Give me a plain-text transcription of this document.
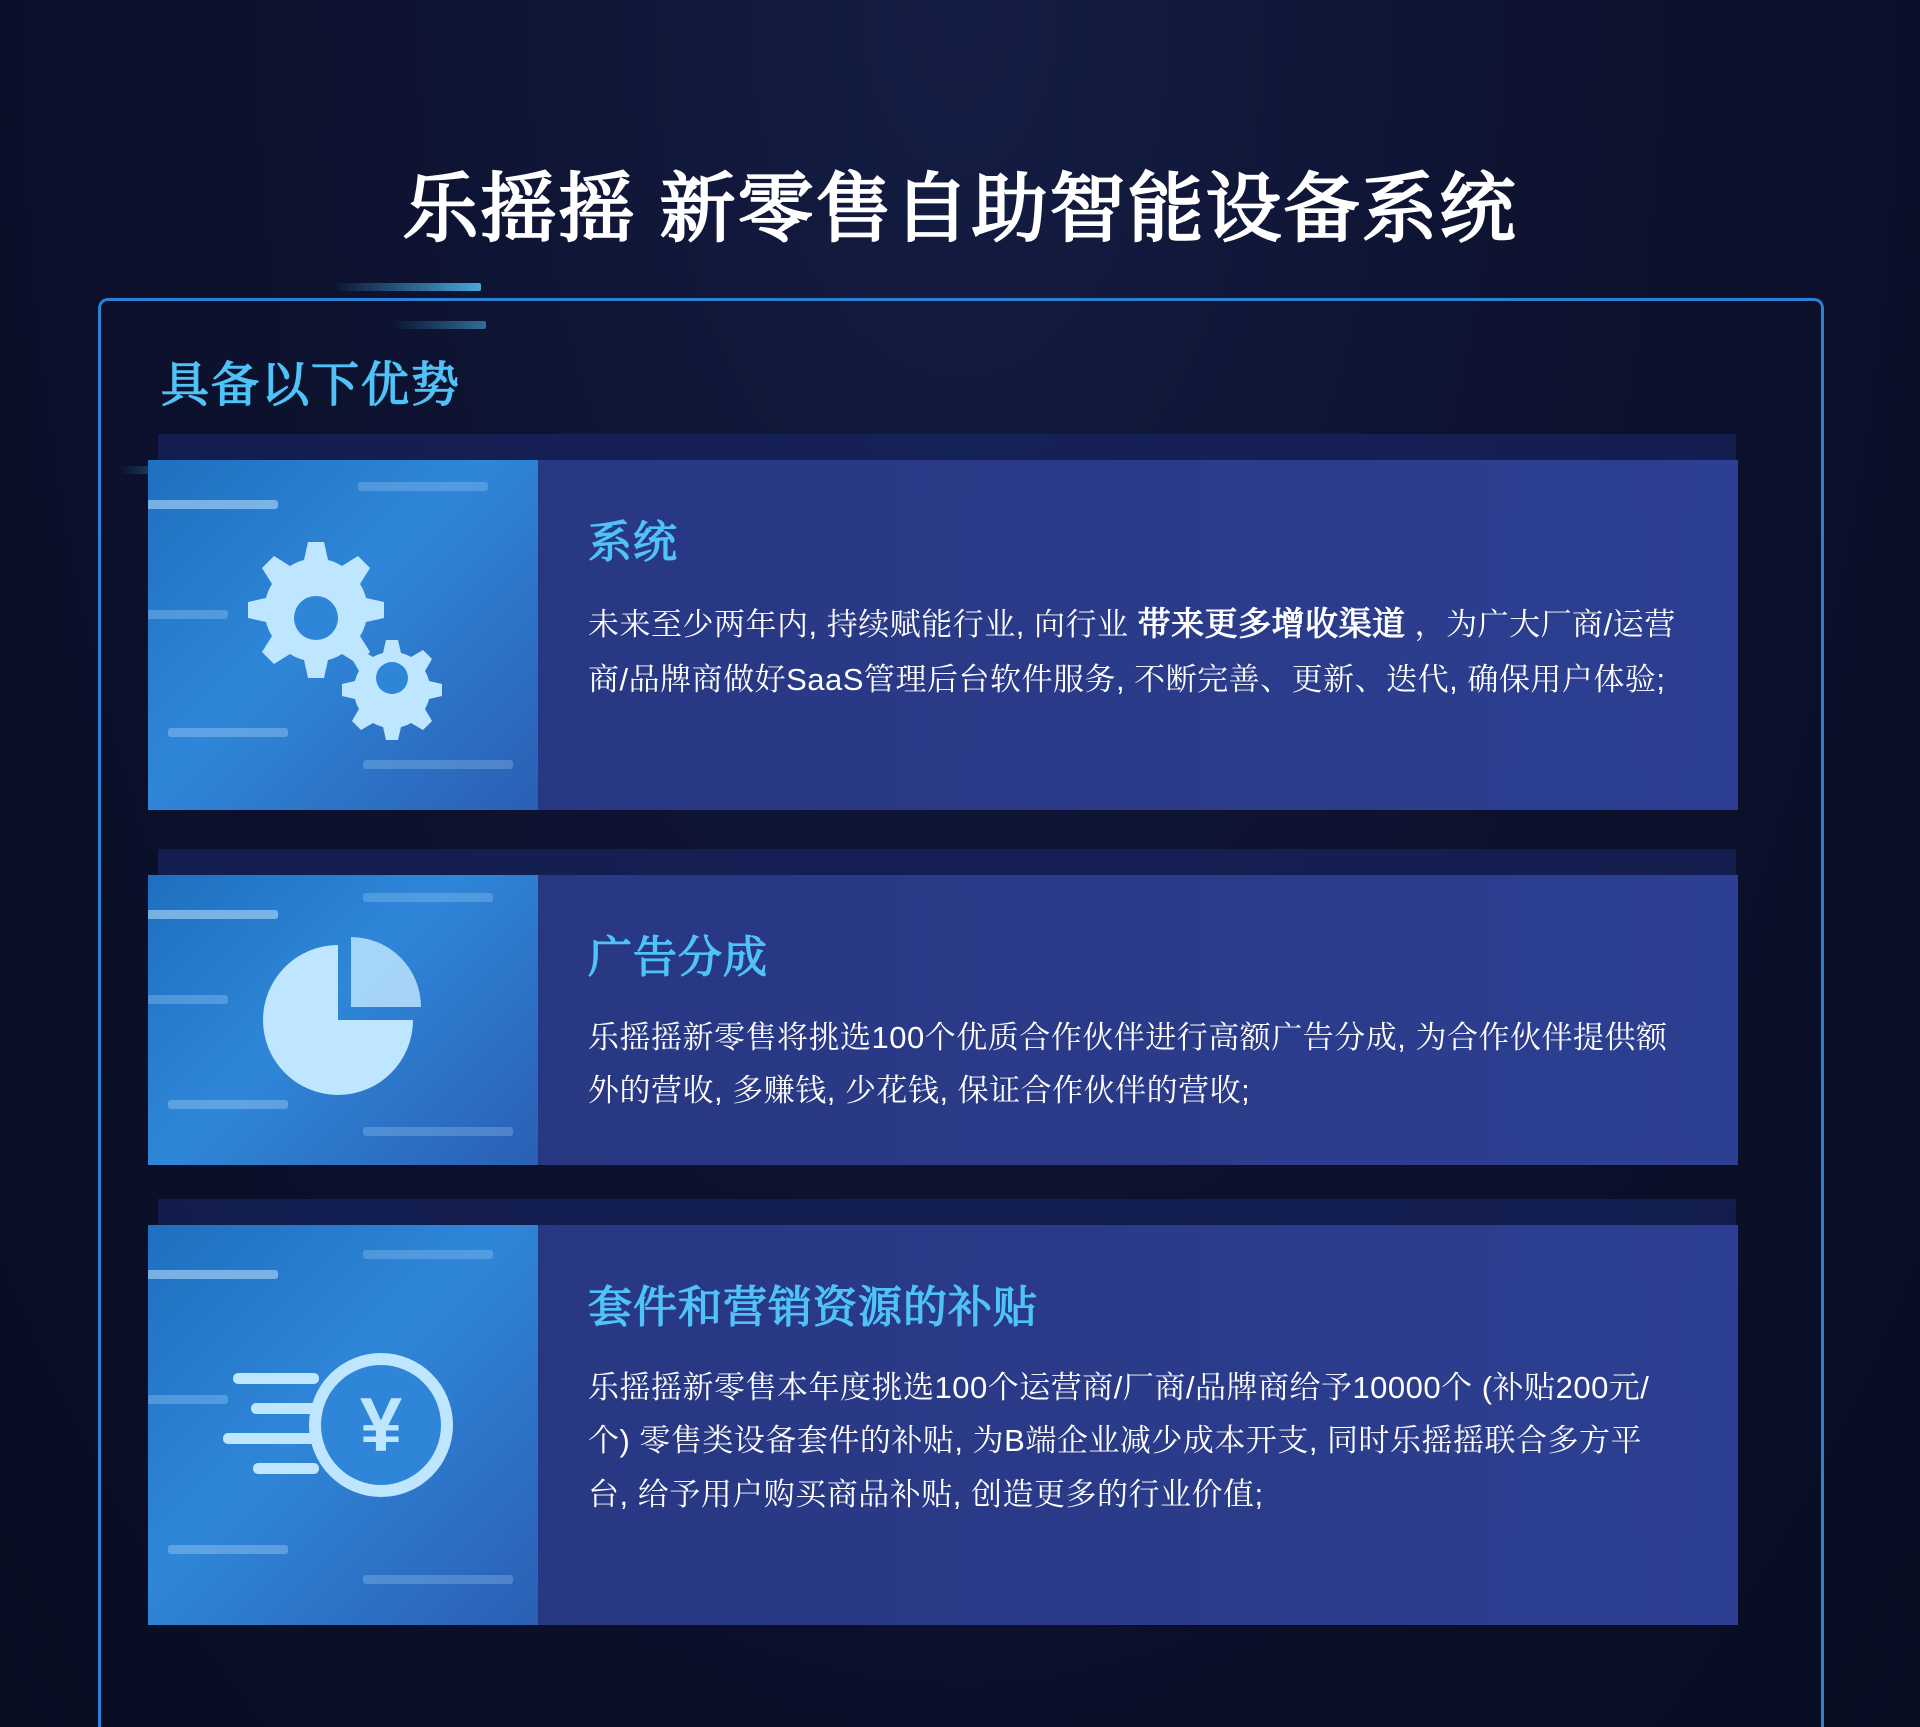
乐摇摇 新零售自助智能设备系统
具备以下优势
系统
未来至少两年内, 持续赋能行业, 向行业 带来更多增收渠道 ，为广大厂商/运营商/品牌商做好SaaS管理后台软件服务, 不断完善、更新、迭代, 确保用户体验;
广告分成
乐摇摇新零售将挑选100个优质合作伙伴进行高额广告分成, 为合作伙伴提供额外的营收, 多赚钱, 少花钱, 保证合作伙伴的营收;
¥
套件和营销资源的补贴
乐摇摇新零售本年度挑选100个运营商/厂商/品牌商给予10000个 (补贴200元/个) 零售类设备套件的补贴, 为B端企业减少成本开支, 同时乐摇摇联合多方平台, 给予用户购买商品补贴, 创造更多的行业价值;
